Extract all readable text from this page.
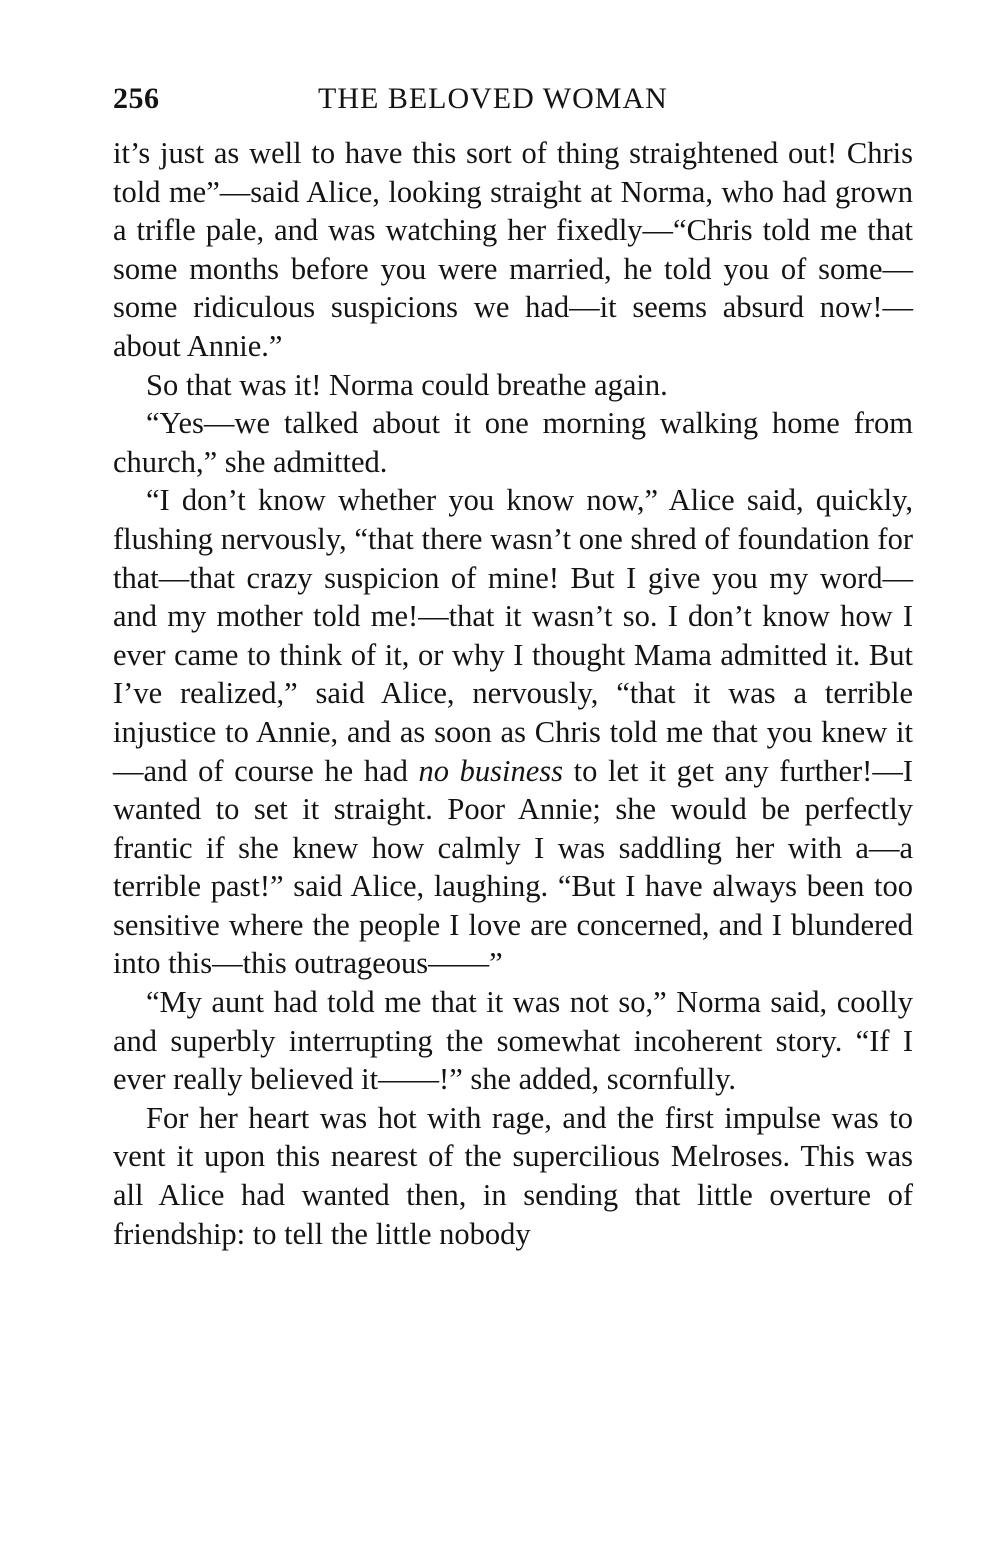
256	THE BELOVED WOMAN

it’s just as well to have this sort of thing straightened out! Chris told me”—said Alice, looking straight at Norma, who had grown a trifle pale, and was watching her fixedly—“Chris told me that some months before you were married, he told you of some—some ridiculous suspicions we had—it seems absurd now!—about Annie.”

So that was it! Norma could breathe again.

“Yes—we talked about it one morning walking home from church,” she admitted.

“I don’t know whether you know now,” Alice said, quickly, flushing nervously, “that there wasn’t one shred of foundation for that—that crazy suspicion of mine! But I give you my word—and my mother told me!—that it wasn’t so. I don’t know how I ever came to think of it, or why I thought Mama admitted it. But I’ve realized,” said Alice, nervously, “that it was a terrible injustice to Annie, and as soon as Chris told me that you knew it—and of course he had no business to let it get any further!—I wanted to set it straight. Poor Annie; she would be perfectly frantic if she knew how calmly I was saddling her with a—a terrible past!” said Alice, laughing. “But I have always been too sensitive where the people I love are concerned, and I blundered into this—this outrageous——”

“My aunt had told me that it was not so,” Norma said, coolly and superbly interrupting the somewhat incoherent story. “If I ever really believed it——!” she added, scornfully.

For her heart was hot with rage, and the first impulse was to vent it upon this nearest of the supercilious Melroses. This was all Alice had wanted then, in sending that little overture of friendship: to tell the little nobody
